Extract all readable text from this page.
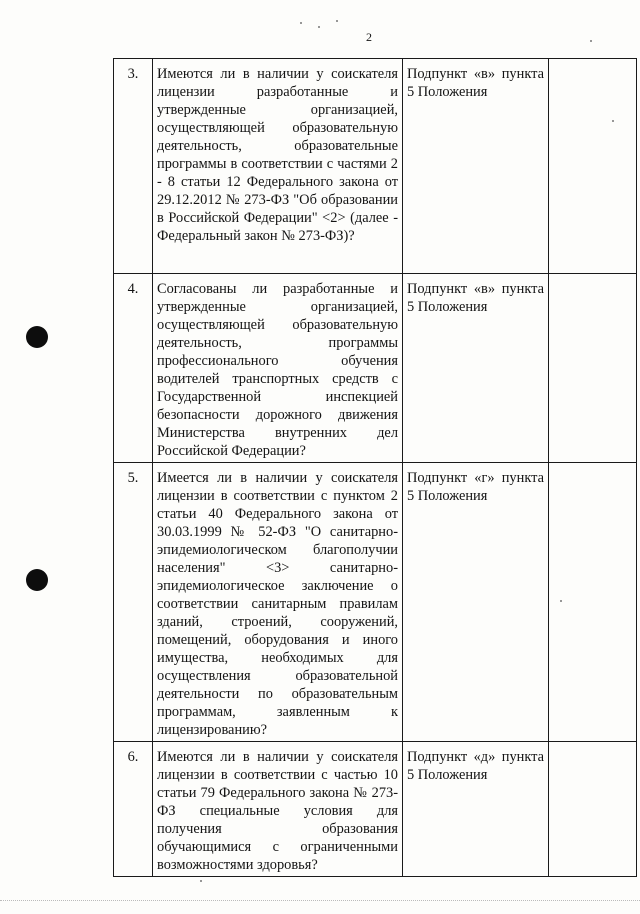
2
3.	Имеются ли в наличии у соискателя лицензии разработанные и утвержденные организацией, осуществляющей образовательную деятельность, образовательные программы в соответствии с частями 2 - 8 статьи 12 Федерального закона от 29.12.2012 № 273-ФЗ "Об образовании в Российской Федерации" <2> (далее - Федеральный закон № 273-ФЗ)?	Подпункт «в» пункта 5 Положения	
4.	Согласованы ли разработанные и утвержденные организацией, осуществляющей образовательную деятельность, программы профессионального обучения водителей транспортных средств с Государственной инспекцией безопасности дорожного движения Министерства внутренних дел Российской Федерации?	Подпункт «в» пункта 5 Положения	
5.	Имеется ли в наличии у соискателя лицензии в соответствии с пунктом 2 статьи 40 Федерального закона от 30.03.1999 № 52-ФЗ "О санитарно-эпидемиологическом благополучии населения" <3> санитарно-эпидемиологическое заключение о соответствии санитарным правилам зданий, строений, сооружений, помещений, оборудования и иного имущества, необходимых для осуществления образовательной деятельности по образовательным программам, заявленным к лицензированию?	Подпункт «г» пункта 5 Положения	
6.	Имеются ли в наличии у соискателя лицензии в соответствии с частью 10 статьи 79 Федерального закона № 273-ФЗ специальные условия для получения образования обучающимися с ограниченными возможностями здоровья?	Подпункт «д» пункта 5 Положения	
